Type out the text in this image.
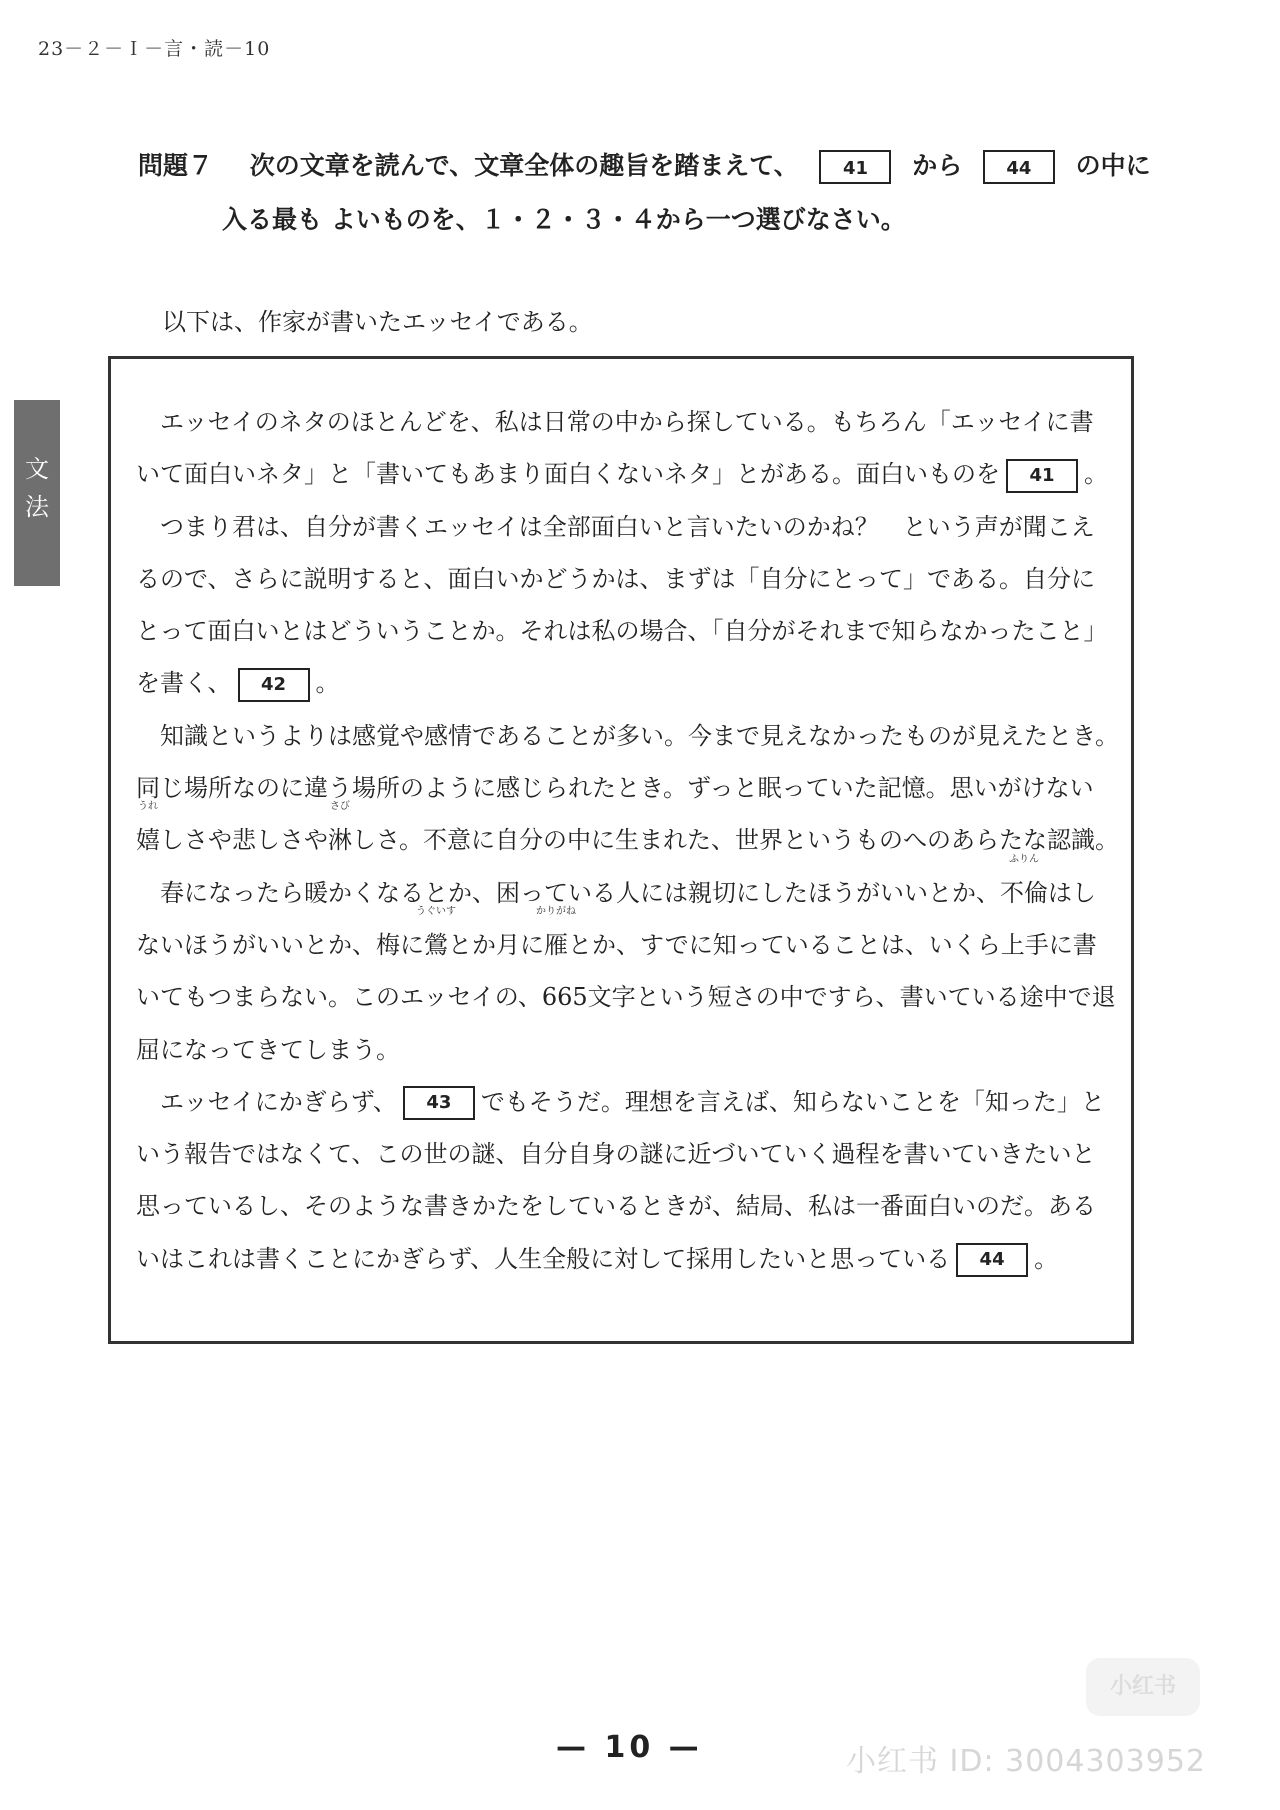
23－２－Ｉ－言・読－10
問題７ 次の文章を読んで、文章全体の趣旨を踏まえて、 41 から 44 の中に
入る最も よいものを、１・２・３・４から一つ選びなさい。
以下は、作家が書いたエッセイである。
文
法
エッセイのネタのほとんどを、私は日常の中から探している。もちろん「エッセイに書
いて面白いネタ」と「書いてもあまり面白くないネタ」とがある。面白いものを 41 。
つまり君は、自分が書くエッセイは全部面白いと言いたいのかね？　という声が聞こえ
るので、さらに説明すると、面白いかどうかは、まずは「自分にとって」である。自分に
とって面白いとはどういうことか。それは私の場合、「自分がそれまで知らなかったこと」
を書く、 42 。
知識というよりは感覚や感情であることが多い。今まで見えなかったものが見えたとき。
同じ場所なのに違う場所のように感じられたとき。ずっと眠っていた記憶。思いがけない
うれ
嬉しさや悲しさや
さび
淋しさ。不意に自分の中に生まれた、世界というものへのあらたな認識。
春になったら暖かくなるとか、困っている人には親切にしたほうがいいとか、
ふりん
不倫はし
ないほうがいいとか、梅に
うぐいす
鶯とか月に
かりがね
雁とか、すでに知っていることは、いくら上手に書
いてもつまらない。このエッセイの、665文字という短さの中ですら、書いている途中で退
屈になってきてしまう。
エッセイにかぎらず、 43 でもそうだ。理想を言えば、知らないことを「知った」と
いう報告ではなくて、この世の謎、自分自身の謎に近づいていく過程を書いていきたいと
思っているし、そのような書きかたをしているときが、結局、私は一番面白いのだ。ある
いはこれは書くことにかぎらず、人生全般に対して採用したいと思っている 44 。
— 10 —
小红书
小红书 ID: 3004303952
